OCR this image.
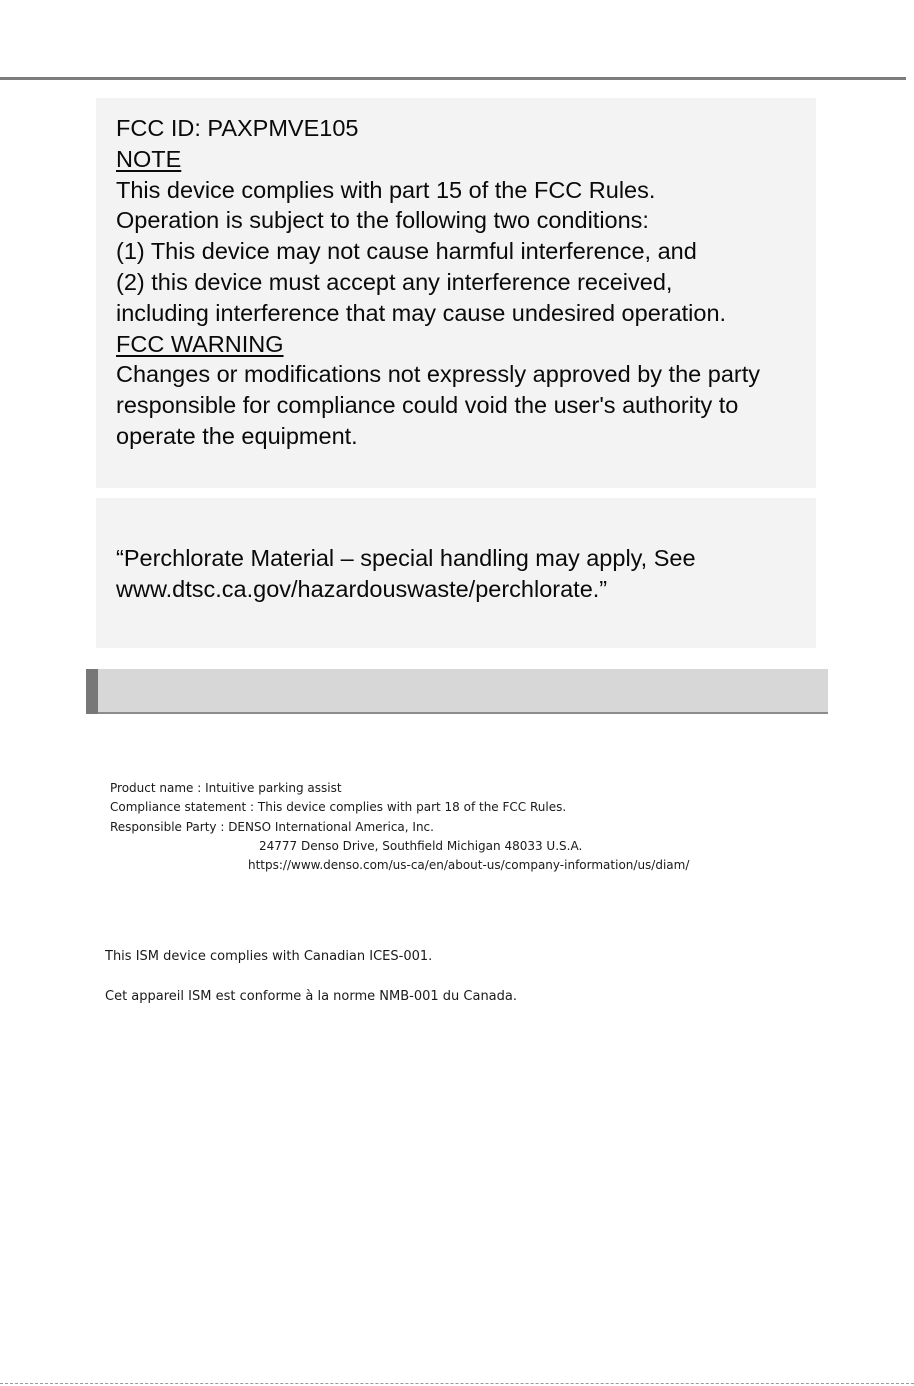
FCC ID: PAXPMVE105
NOTE
This device complies with part 15 of the FCC Rules.
Operation is subject to the following two conditions:
(1) This device may not cause harmful interference, and
(2) this device must accept any interference received,
including interference that may cause undesired operation.
FCC WARNING
Changes or modifications not expressly approved by the party
responsible for compliance could void the user's authority to
operate the equipment.
“Perchlorate Material – special handling may apply, See
www.dtsc.ca.gov/hazardouswaste/perchlorate.”
Product name : Intuitive parking assist
Compliance statement : This device complies with part 18 of the FCC Rules.
Responsible Party : DENSO International America, Inc.
24777 Denso Drive, Southfield Michigan 48033 U.S.A.
https://www.denso.com/us-ca/en/about-us/company-information/us/diam/
This ISM device complies with Canadian ICES-001.
Cet appareil ISM est conforme à la norme NMB-001 du Canada.
